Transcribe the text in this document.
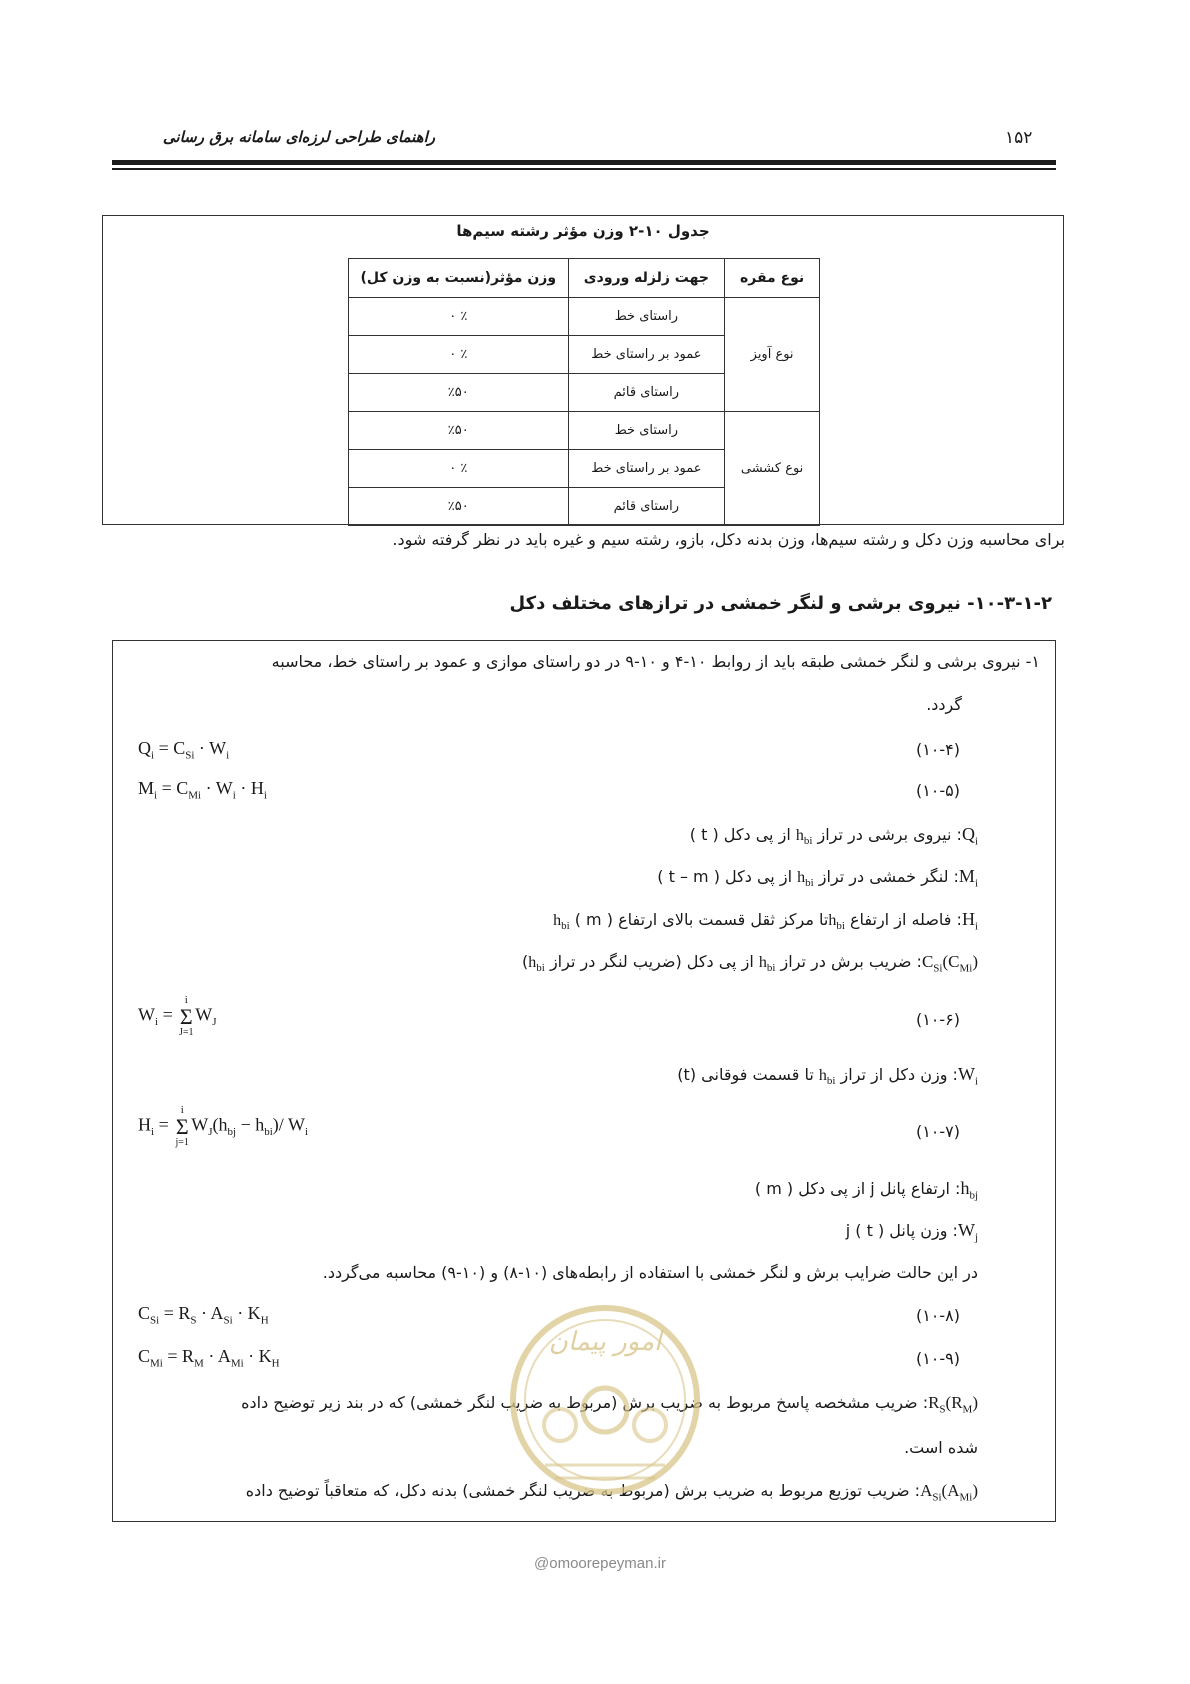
راهنمای طراحی لرزه‌ای سامانه برق رسانی	۱۵۲
جدول ۱۰-۲ وزن مؤثر رشته سیم‌ها
نوع مقره	جهت زلزله ورودی	وزن مؤثر(نسبت به وزن کل)
نوع آویز	راستای خط	٪ ۰
	عمود بر راستای خط	٪ ۰
	راستای قائم	٪۵۰
نوع کششی	راستای خط	٪۵۰
	عمود بر راستای خط	٪ ۰
	راستای قائم	٪۵۰
برای محاسبه وزن دکل و رشته سیم‌ها، وزن بدنه دکل، بازو، رشته سیم و غیره باید در نظر گرفته شود.
۱۰-۳-۱-۲- نیروی برشی و لنگر خمشی در ترازهای مختلف دکل
۱- نیروی برشی و لنگر خمشی طبقه باید از روابط ۱۰-۴ و ۱۰-۹ در دو راستای موازی و عمود بر راستای خط، محاسبه
گردد.
$Q_i = C_{Si} \cdot W_i$	(۱۰-۴)
$M_i = C_{Mi} \cdot W_i \cdot H_i$	(۱۰-۵)
$Q_i$: نیروی برشی در تراز $h_{bi}$ از پی دکل ( t )
$M_i$: لنگر خمشی در تراز $h_{bi}$ از پی دکل ( t – m )
$H_i$: فاصله از ارتفاع $h_{bi}تا$ مرکز ثقل قسمت بالای ارتفاع $h_{bi}$ ( m )
$C_{Si}(C_{Mi})$: ضریب برش در تراز $h_{bi}$ از پی دکل (ضریب لنگر در تراز $h_{bi}$)
$W_i$ =
i
Σ
J=1
$W_J$	(۱۰-۶)
$W_i$: وزن دکل از تراز $h_{bi}$ تا قسمت فوقانی (t)
$H_i$ =
i
Σ
j=1
$W_J(h_{bj} - h_{bi})/$ $W_i$	(۱۰-۷)
$h_{bj}$: ارتفاع پانل j از پی دکل ( m )
$W_j$: وزن پانل j ( t )
در این حالت ضرایب برش و لنگر خمشی با استفاده از رابطه‌های (۱۰-۸) و (۱۰-۹) محاسبه می‌گردد.
$C_{Si} = R_S \cdot A_{Si} \cdot K_H$	(۱۰-۸)
$C_{Mi} = R_M \cdot A_{Mi} \cdot K_H$	(۱۰-۹)
$R_S(R_M)$: ضریب مشخصه پاسخ مربوط به ضریب برش (مربوط به ضریب لنگر خمشی) که در بند زیر توضیح داده
شده است.
$A_{Si}(A_{Mi})$: ضریب توزیع مربوط به ضریب برش (مربوط به ضریب لنگر خمشی) بدنه دکل، که متعاقباً توضیح داده
امور پیمان
@omoorepeyman.ir
